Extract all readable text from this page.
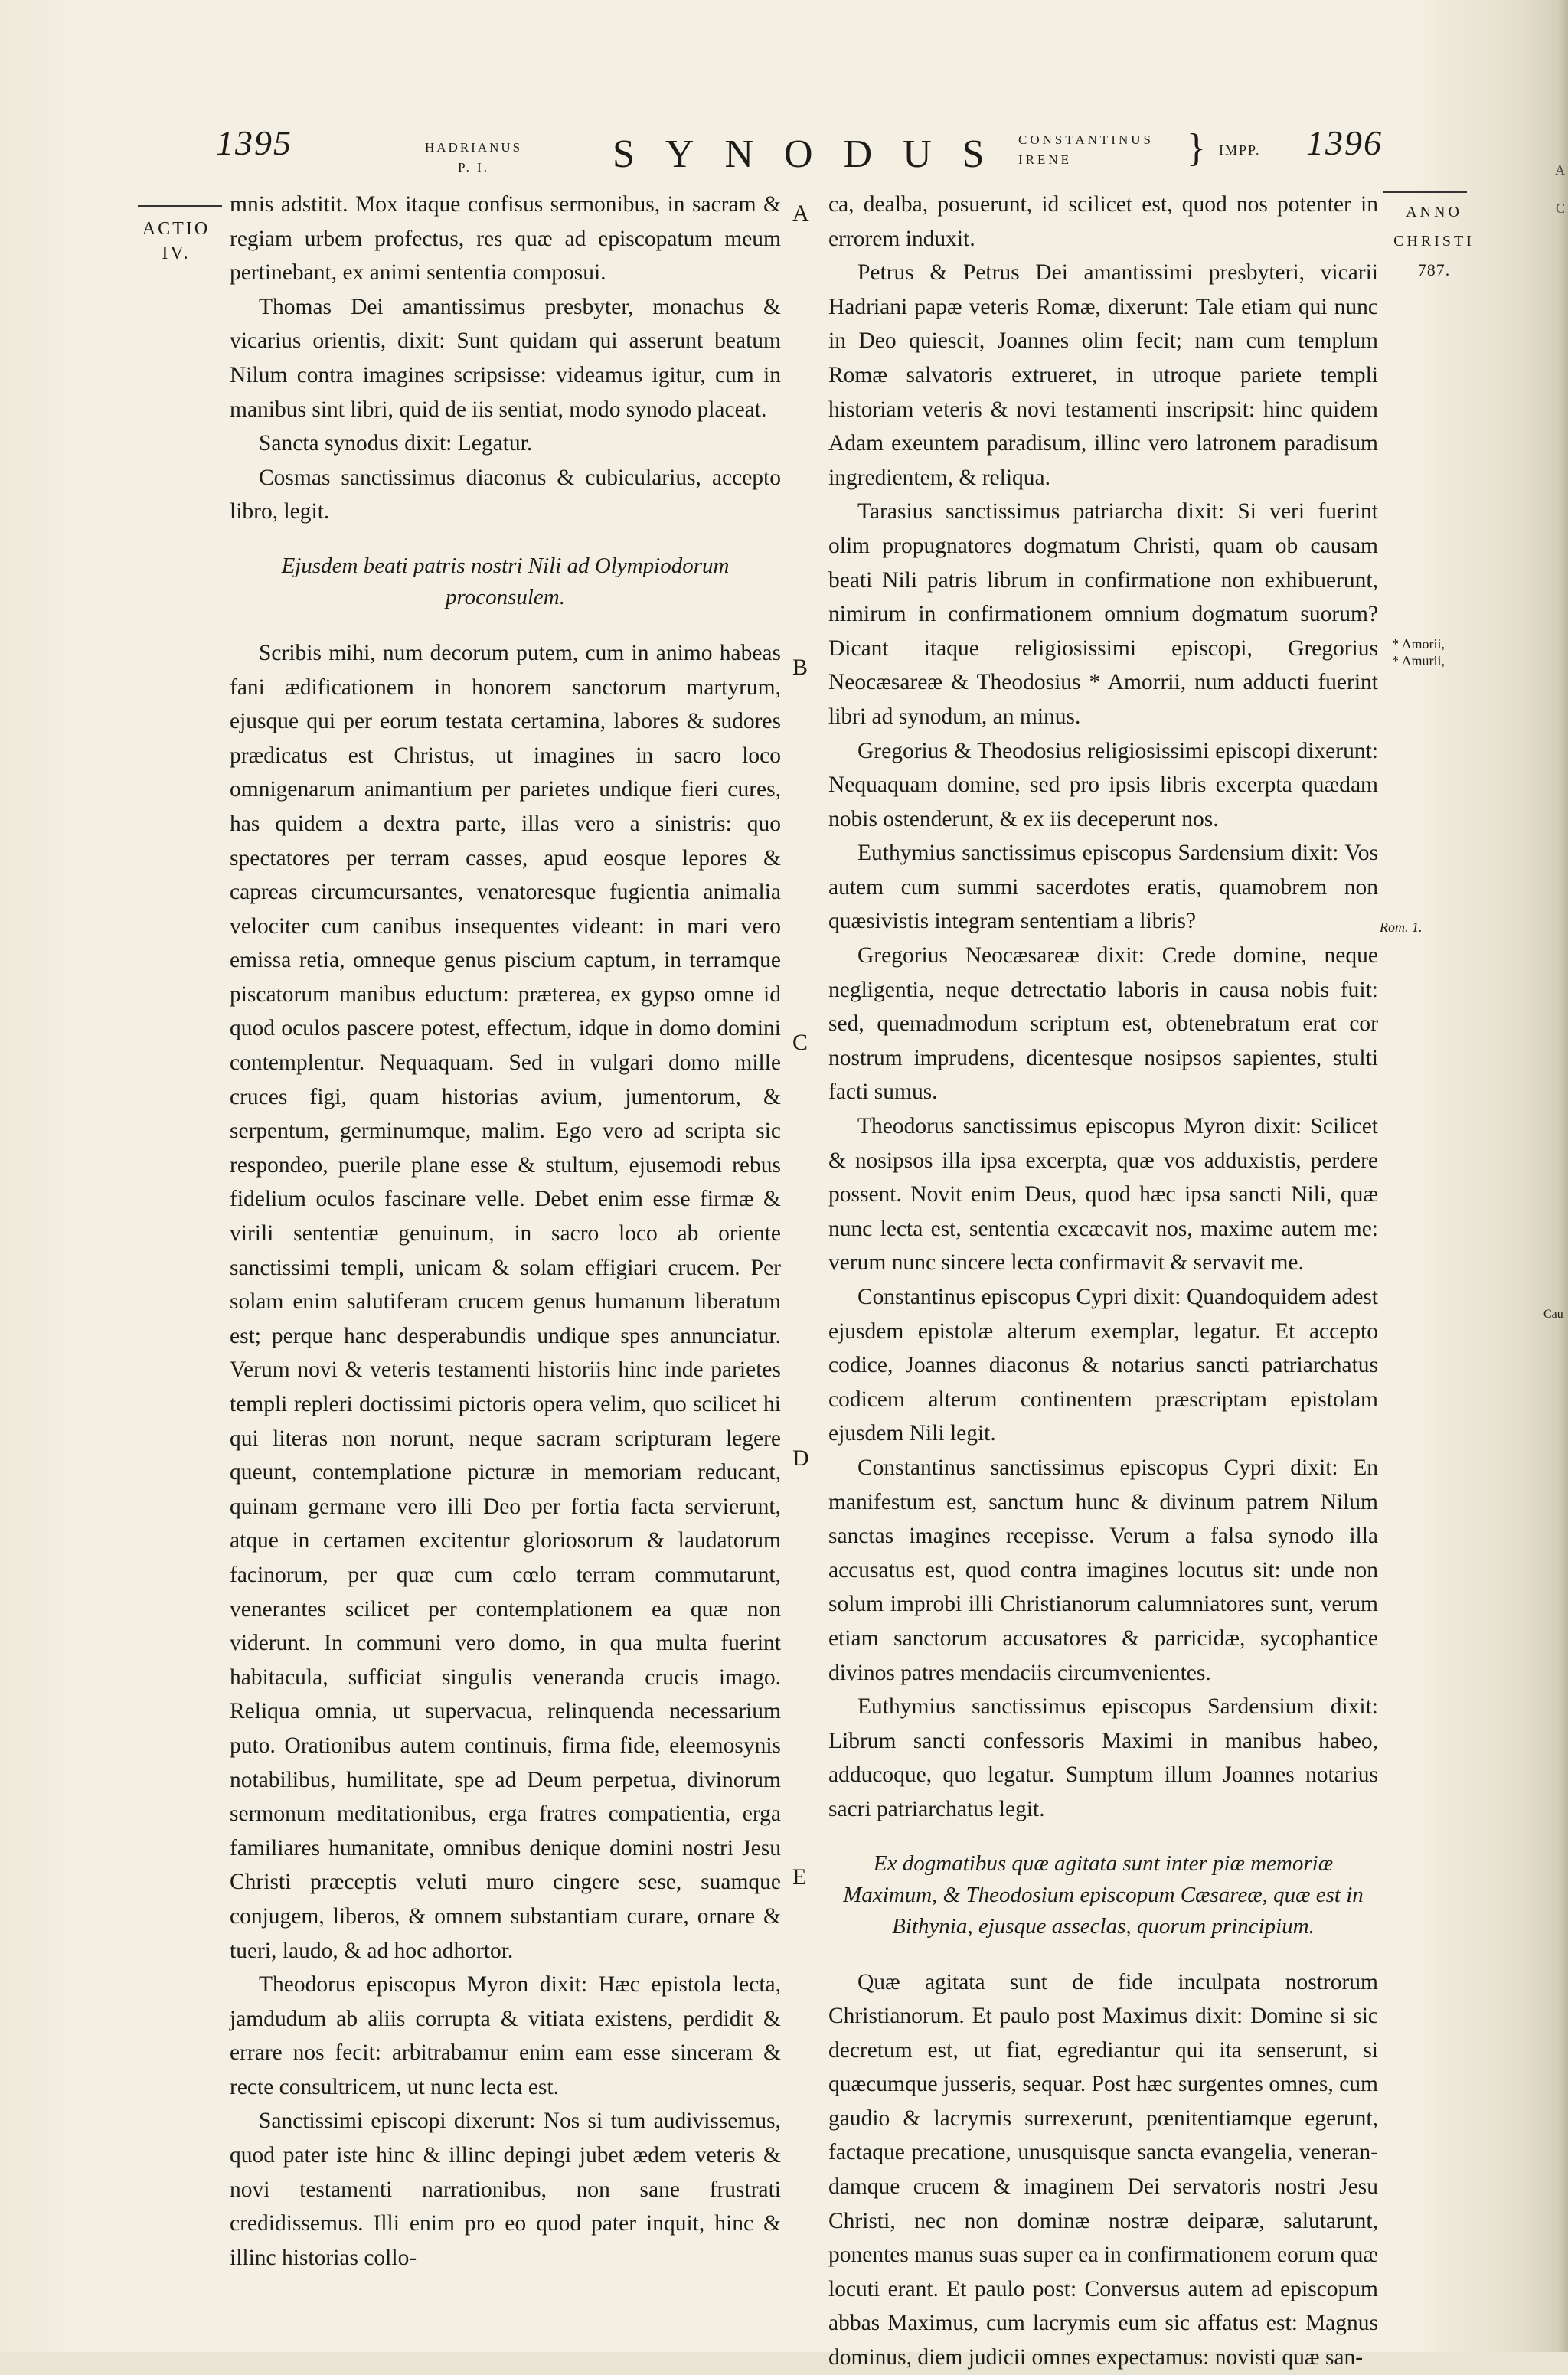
A
C
1395	HADRIANUS
P. I.	SYNODUS CONSTANTINUS
IRENE	} IMPP. 1396
ACTIO
IV.
ANNO
CHRISTI
787.
* Amorii,
* Amurii,
Rom. 1.
Cau
A
B
C
D
E

mnis adstitit. Mox itaque confisus sermonibus, in sacram & regiam urbem profectus, res quæ ad episcopatum meum pertinebant, ex animi sententia composui.

Thomas Dei amantissimus presbyter, monachus & vicarius orientis, dixit: Sunt quidam qui asserunt beatum Nilum contra imagines scripsisse: videamus igitur, cum in manibus sint libri, quid de iis sentiat, modo synodo placeat.

Sancta synodus dixit: Legatur.

Cosmas sanctissimus diaconus & cubicularius, accepto libro, legit.

Ejusdem beati patris nostri Nili ad Olympiodorum proconsulem.

Scribis mihi, num decorum putem, cum in animo habeas fani ædificationem in honorem sanctorum martyrum, ejusque qui per eorum testata certamina, labores & sudores prædicatus est Christus, ut imagines in sacro loco omnigenarum animantium per parietes undique fieri cures, has quidem a dextra parte, illas vero a sinistris: quo spectatores per terram casses, apud eosque lepores & capreas circumcursantes, venatoresque fugientia animalia velociter cum canibus insequentes videant: in mari vero emissa retia, omneque genus piscium captum, in terramque piscatorum manibus eductum: præterea, ex gypso omne id quod oculos pascere potest, effectum, idque in domo domini contemplentur. Nequaquam. Sed in vulgari domo mille cruces figi, quam historias avium, jumentorum, & serpentum, germinumque, malim. Ego vero ad scripta sic respondeo, puerile plane esse & stultum, ejusemodi rebus fidelium oculos fascinare velle. Debet enim esse firmæ & virili sententiæ genuinum, in sacro loco ab oriente sanctissimi templi, unicam & solam effigiari crucem. Per solam enim salutiferam crucem genus humanum liberatum est; perque hanc desperabundis undique spes annunciatur. Verum novi & veteris testamenti historiis hinc inde parietes templi repleri doctissimi pictoris opera velim, quo scilicet hi qui literas non norunt, neque sacram scripturam legere queunt, contemplatione picturæ in memoriam reducant, quinam germane vero illi Deo per fortia facta servierunt, atque in certamen excitentur gloriosorum & laudatorum facinorum, per quæ cum cœlo terram commutarunt, venerantes scilicet per contemplationem ea quæ non viderunt. In communi vero domo, in qua multa fuerint habitacula, sufficiat singulis veneranda crucis imago. Reliqua omnia, ut supervacua, relinquenda necessarium puto. Orationibus autem continuis, firma fide, eleemosynis notabilibus, humilitate, spe ad Deum perpetua, divinorum sermonum meditationibus, erga fratres compatientia, erga familiares humanitate, omnibus denique domini nostri Jesu Christi præceptis veluti muro cingere sese, suamque conjugem, liberos, & omnem substantiam curare, ornare & tueri, laudo, & ad hoc adhortor.

Theodorus episcopus Myron dixit: Hæc epistola lecta, jamdudum ab aliis corrupta & vitiata existens, perdidit & errare nos fecit: arbitrabamur enim eam esse sinceram & recte consultricem, ut nunc lecta est.

Sanctissimi episcopi dixerunt: Nos si tum audivissemus, quod pater iste hinc & illinc depingi jubet ædem veteris & novi testamenti narrationibus, non sane frustrati credidissemus. Illi enim pro eo quod pater inquit, hinc & illinc historias collo-

ca, dealba, posuerunt, id scilicet est, quod nos potenter in errorem induxit.

Petrus & Petrus Dei amantissimi presbyteri, vicarii Hadriani papæ veteris Romæ, dixerunt: Tale etiam qui nunc in Deo quiescit, Joannes olim fecit; nam cum templum Romæ salvatoris extrueret, in utroque pariete templi historiam veteris & novi testamenti inscripsit: hinc quidem Adam exeuntem paradisum, illinc vero latronem paradisum ingredientem, & reliqua.

Tarasius sanctissimus patriarcha dixit: Si veri fuerint olim propugnatores dogmatum Christi, quam ob causam beati Nili patris librum in confirmatione non exhibuerunt, nimirum in confirmationem omnium dogmatum suorum? Dicant itaque religiosissimi episcopi, Gregorius Neocæsareæ & Theodosius * Amorrii, num adducti fuerint libri ad synodum, an minus.

Gregorius & Theodosius religiosissimi episcopi dixerunt: Nequaquam domine, sed pro ipsis libris excerpta quædam nobis ostenderunt, & ex iis deceperunt nos.

Euthymius sanctissimus episcopus Sardensium dixit: Vos autem cum summi sacerdotes eratis, quamobrem non quæsivistis integram sententiam a libris?

Gregorius Neocæsareæ dixit: Crede domine, neque negligentia, neque detrectatio laboris in causa nobis fuit: sed, quemadmodum scriptum est, obtenebratum erat cor nostrum imprudens, dicentesque nosipsos sapientes, stulti facti sumus.

Theodorus sanctissimus episcopus Myron dixit: Scilicet & nosipsos illa ipsa excerpta, quæ vos adduxistis, perdere possent. Novit enim Deus, quod hæc ipsa sancti Nili, quæ nunc lecta est, sententia excæcavit nos, maxime autem me: verum nunc sincere lecta confirmavit & servavit me.

Constantinus episcopus Cypri dixit: Quandoquidem adest ejusdem epistolæ alterum exemplar, legatur. Et accepto codice, Joannes diaconus & notarius sancti patriarchatus codicem alterum continentem præscriptam epistolam ejusdem Nili legit.

Constantinus sanctissimus episcopus Cypri dixit: En manifestum est, sanctum hunc & divinum patrem Nilum sanctas imagines recepisse. Verum a falsa synodo illa accusatus est, quod contra imagines locutus sit: unde non solum improbi illi Christianorum calumniatores sunt, verum etiam sanctorum accusatores & parricidæ, sycophantice divinos patres mendaciis circumvenientes.

Euthymius sanctissimus episcopus Sardensium dixit: Librum sancti confessoris Maximi in manibus habeo, adducoque, quo legatur. Sumptum illum Joannes notarius sacri patriarchatus legit.

Ex dogmatibus quæ agitata sunt inter piæ memoriæ Maximum, & Theodosium episcopum Cæsareæ, quæ est in Bithynia, ejusque asseclas, quorum principium.

Quæ agitata sunt de fide inculpata nostrorum Christianorum. Et paulo post Maximus dixit: Domine si sic decretum est, ut fiat, egrediantur qui ita senserunt, si quæcumque jusseris, sequar. Post hæc surgentes omnes, cum gaudio & lacrymis surrexerunt, pœnitentiamque egerunt, factaque precatione, unusquisque sancta evangelia, veneran-damque crucem & imaginem Dei servatoris nostri Jesu Christi, nec non dominæ nostræ deiparæ, salutarunt, ponentes manus suas super ea in confirmationem eorum quæ locuti erant. Et paulo post: Conversus autem ad episcopum abbas Maximus, cum lacrymis eum sic affatus est: Magnus dominus, diem judicii omnes expectamus: novisti quæ san-
